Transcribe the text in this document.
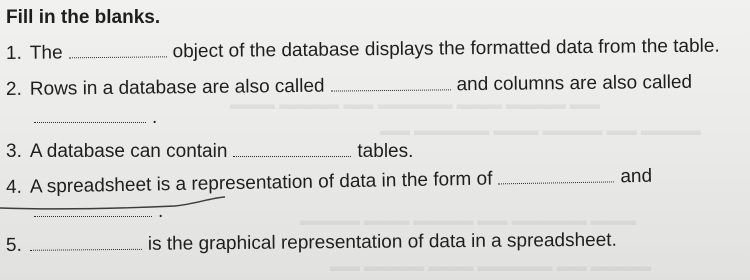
▬▬ ▬▬▬▬ ▬▬▬ ▬▬▬▬▬ ▬▬ ▬▬▬▬ ▬▬▬
▬▬▬▬ ▬▬ ▬▬▬▬ ▬▬▬ ▬▬▬▬▬ ▬▬
▬▬▬ ▬▬▬▬▬ ▬▬ ▬▬▬▬ ▬▬▬ ▬▬▬▬
▬▬▬▬ ▬▬ ▬▬▬▬▬ ▬▬▬ ▬▬▬▬ ▬▬
Fill in the blanks.
1. The	object of the database displays the formatted data from the table.
2. Rows in a database are also called	and columns are also called
.
3. A database can contain	tables.
4. A spreadsheet is a representation of data in the form of	and
.
5.	is the graphical representation of data in a spreadsheet.
